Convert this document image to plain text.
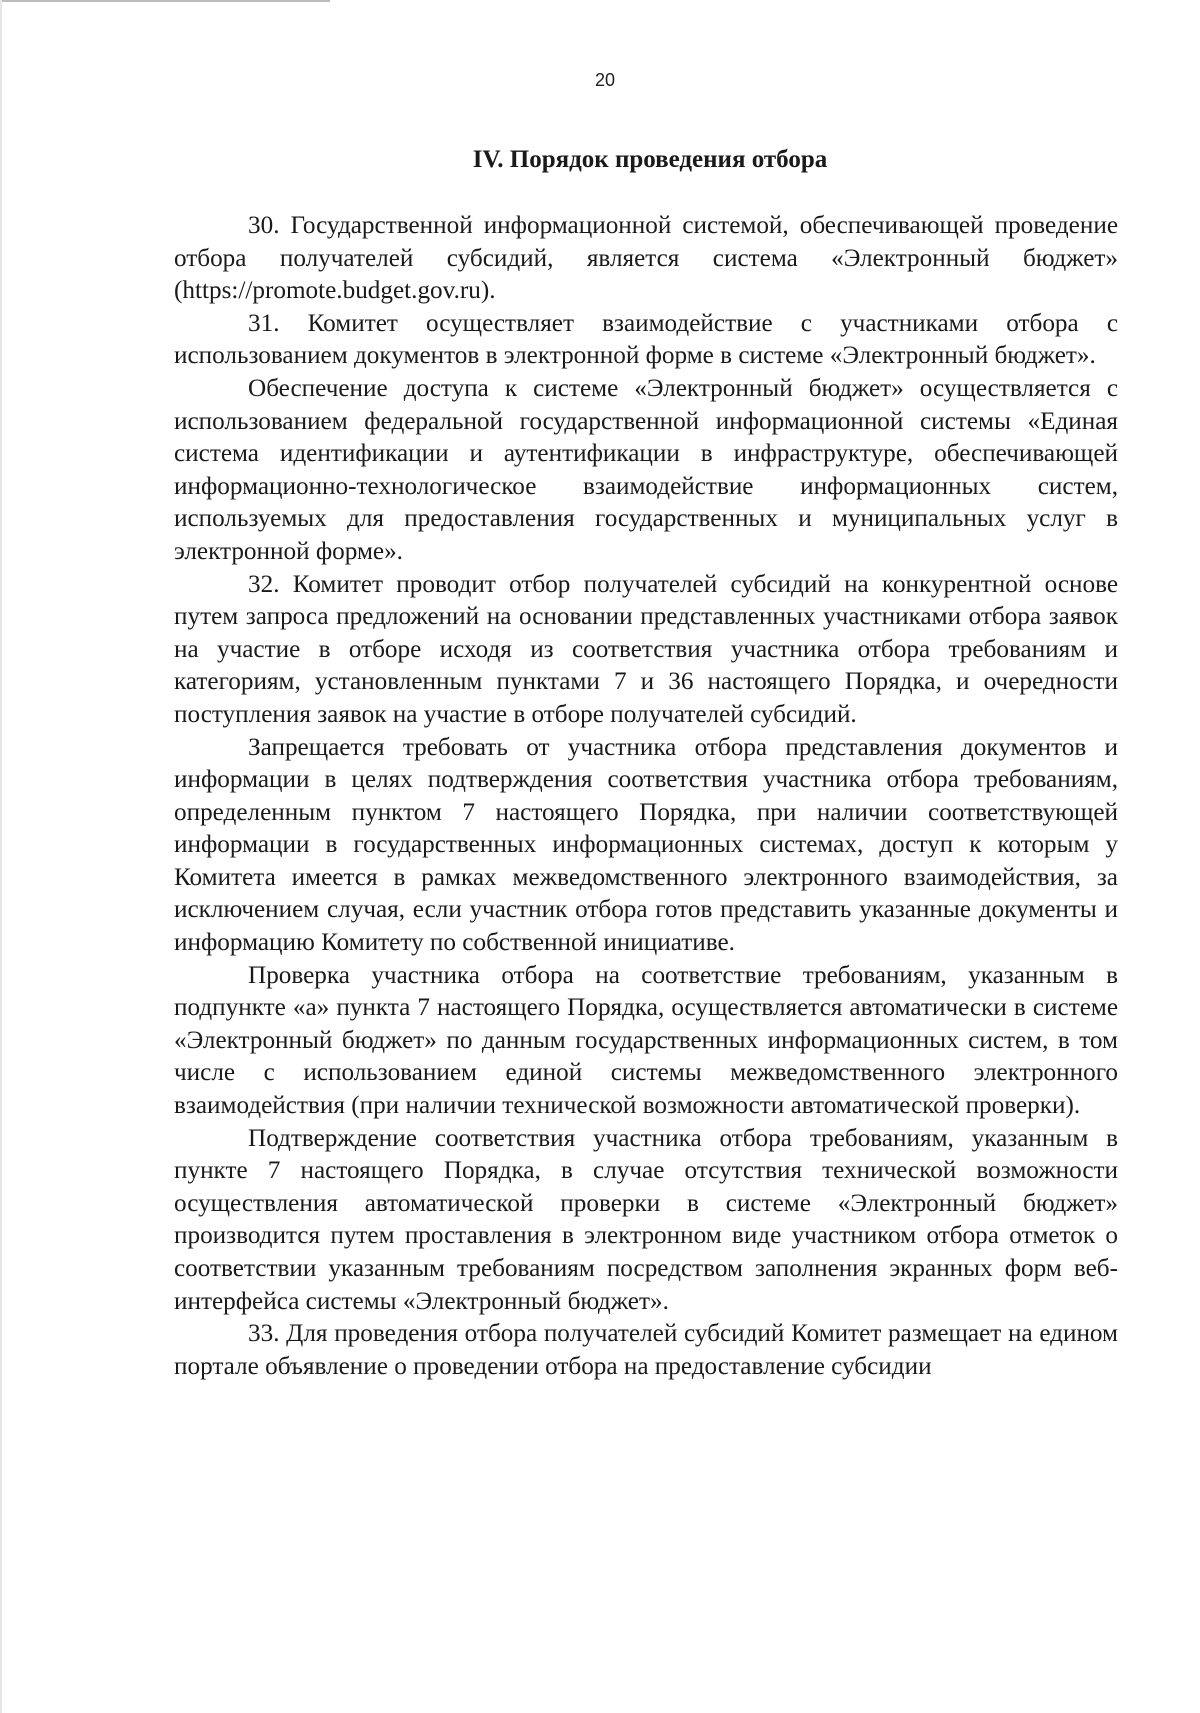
20
IV. Порядок проведения отбора

30. Государственной информационной системой, обеспечивающей проведение отбора получателей субсидий, является система «Электронный бюджет» (https://promote.budget.gov.ru).

31. Комитет осуществляет взаимодействие с участниками отбора с использованием документов в электронной форме в системе «Электронный бюджет».

Обеспечение доступа к системе «Электронный бюджет» осуществляется с использованием федеральной государственной информационной системы «Единая система идентификации и аутентификации в инфраструктуре, обеспечивающей информационно-технологическое взаимодействие информационных систем, используемых для предоставления государственных и муниципальных услуг в электронной форме».

32. Комитет проводит отбор получателей субсидий на конкурентной основе путем запроса предложений на основании представленных участниками отбора заявок на участие в отборе исходя из соответствия участника отбора требованиям и категориям, установленным пунктами 7 и 36 настоящего Порядка, и очередности поступления заявок на участие в отборе получателей субсидий.

Запрещается требовать от участника отбора представления документов и информации в целях подтверждения соответствия участника отбора требованиям, определенным пунктом 7 настоящего Порядка, при наличии соответствующей информации в государственных информационных системах, доступ к которым у Комитета имеется в рамках межведомственного электронного взаимодействия, за исключением случая, если участник отбора готов представить указанные документы и информацию Комитету по собственной инициативе.

Проверка участника отбора на соответствие требованиям, указанным в подпункте «а» пункта 7 настоящего Порядка, осуществляется автоматически в системе «Электронный бюджет» по данным государственных информационных систем, в том числе с использованием единой системы межведомственного электронного взаимодействия (при наличии технической возможности автоматической проверки).

Подтверждение соответствия участника отбора требованиям, указанным в пункте 7 настоящего Порядка, в случае отсутствия технической возможности осуществления автоматической проверки в системе «Электронный бюджет» производится путем проставления в электронном виде участником отбора отметок о соответствии указанным требованиям посредством заполнения экранных форм веб-интерфейса системы «Электронный бюджет».

33. Для проведения отбора получателей субсидий Комитет размещает на едином портале объявление о проведении отбора на предоставление субсидии
